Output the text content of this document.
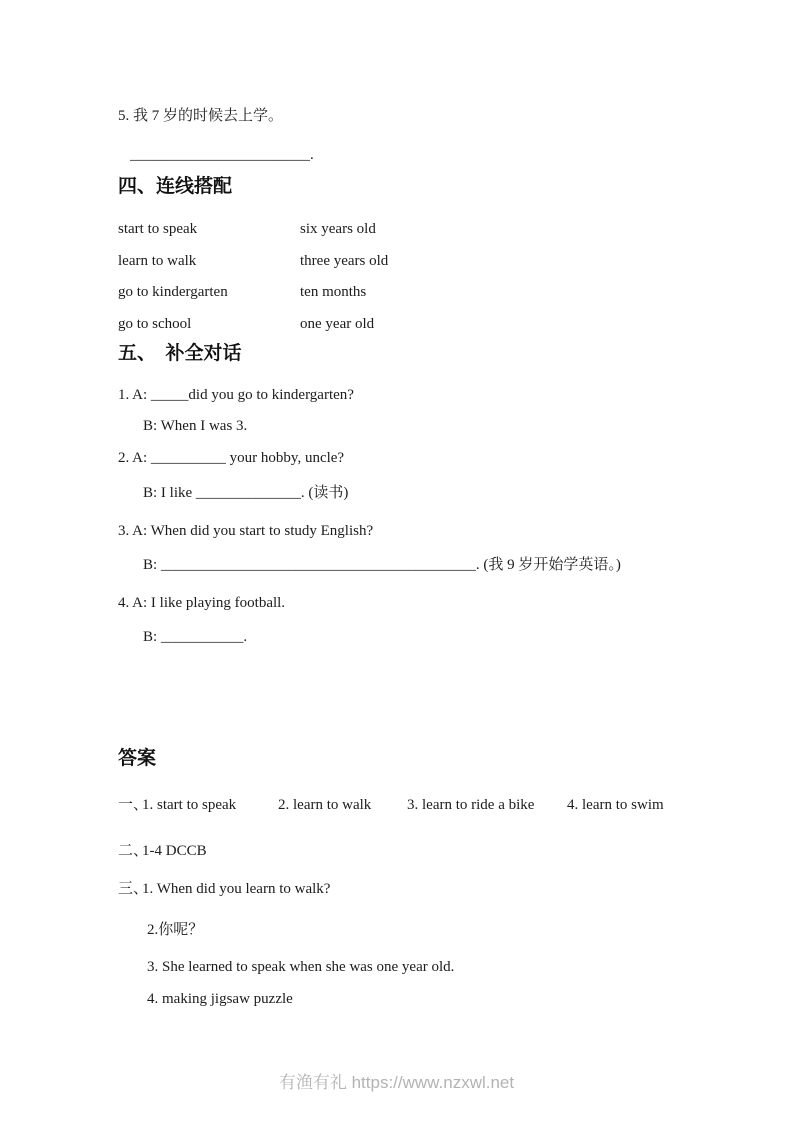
5. 我 7 岁的时候去上学。
________________________.
四、连线搭配
start to speak	six years old
learn to walk	three years old
go to kindergarten	ten months
go to school	one year old
五、　补全对话
1. A: _____did you go to kindergarten?
B: When I was 3.
2. A: __________ your hobby, uncle?
B: I like ______________. (读书)
3. A: When did you start to study English?
B: __________________________________________. (我 9 岁开始学英语。)
4. A: I like playing football.
B: ___________.
答案
一、
1. start to speak	2. learn to walk 3. learn to ride a bike 4. learn to swim
二、
1-4 DCCB
三、
1. When did you learn to walk?
2.你呢？
3. She learned to speak when she was one year old.
4. making jigsaw puzzle
有渔有礼 https://www.nzxwl.net
